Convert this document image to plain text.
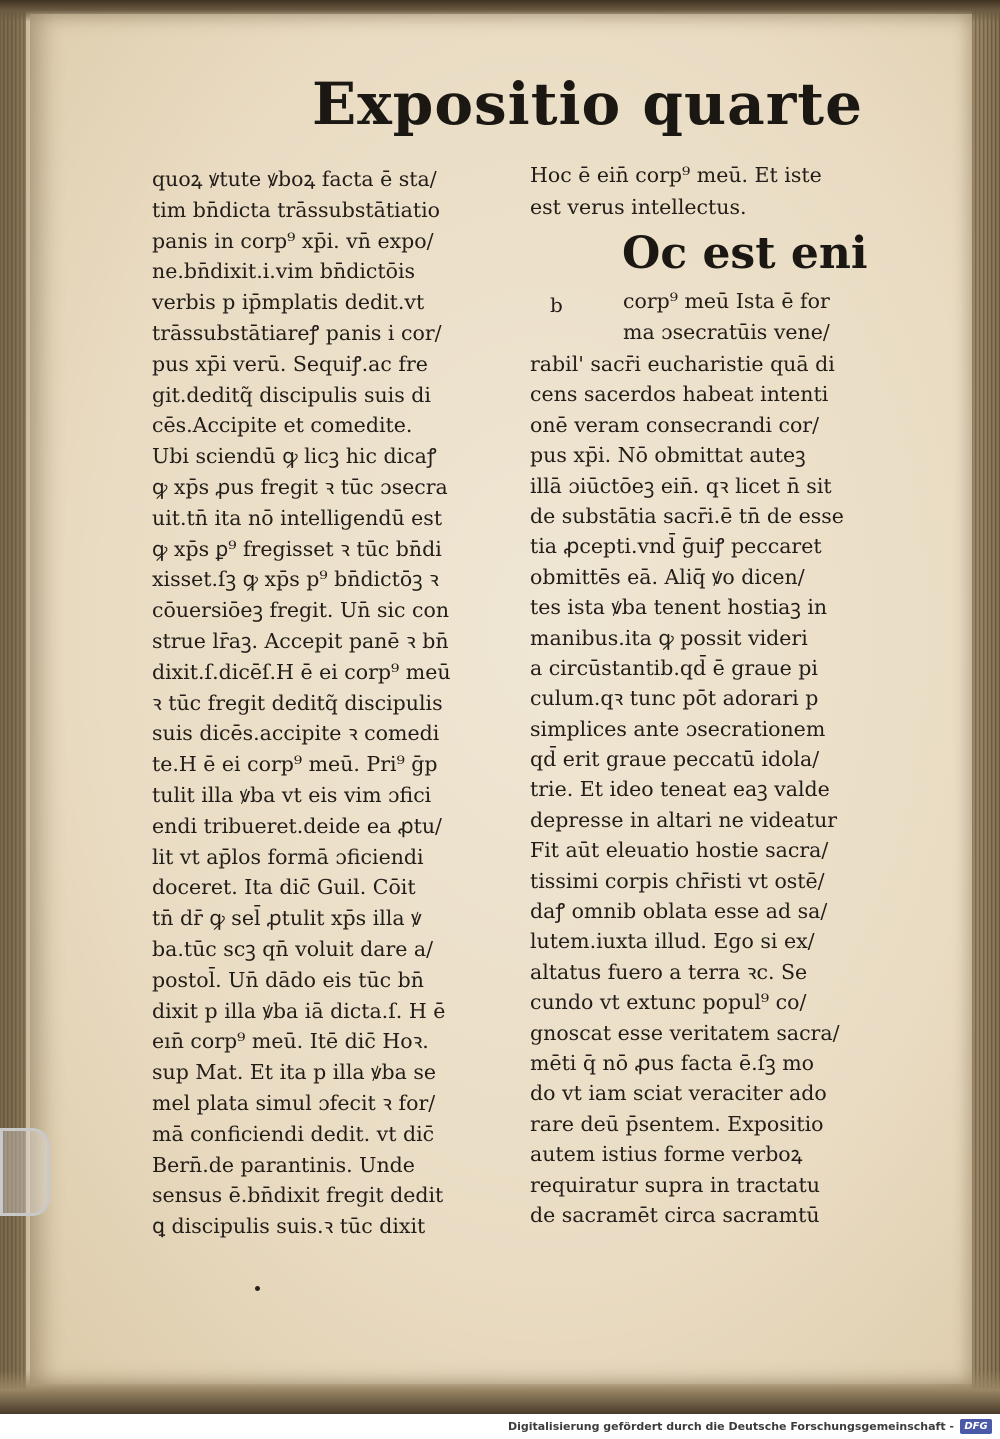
Expositio quarte
quoꝝ ꝟtute ꝟboꝝ facta ē sta/
tim bn̄dicta trāssubstātiatio
panis in corp⁹ xp̄i. vn̄ expo/
ne.bn̄dixit.i.vim bn̄dictōis
verbis p ip̄mplatis dedit.vt
trāssubstātiareꝭ panis i cor/
pus xp̄i verū. Sequiꝭ.ac fre
git.deditq̃ discipulis suis di
cēs.Accipite et comedite.
Ubi sciendū ꝙ licꝫ hic dicaꝭ
ꝙ xp̄s ꝓus fregit ꝛ tūc ɔsecra
uit.tn̄ ita nō intelligendū est
ꝙ xp̄s ꝑ⁹ fregisset ꝛ tūc bn̄di
xisset.ſꝫ ꝙ xp̄s p⁹ bn̄dictōꝫ ꝛ
cōuersiōeꝫ fregit. Un̄ sic con
strue lr̄aꝫ. Accepit panē ꝛ bn̄
dixit.ſ.dicēſ.H ē ei corp⁹ meū
ꝛ tūc fregit deditq̃ discipulis
suis dicēs.accipite ꝛ comedi
te.H ē ei corp⁹ meū. Pri⁹ ḡp
tulit illa ꝟba vt eis vim ɔfici
endi tribueret.deide ea ꝓtu/
lit vt ap̄los formā ɔficiendi
doceret. Ita dic̄ Guil. Cōit
tn̄ dr̄ ꝙ sel̄ ꝓtulit xp̄s illa ꝟ
ba.tūc scꝫ qn̄ voluit dare a/
postol̄. Un̄ dādo eis tūc bn̄
dixit p illa ꝟba iā dicta.ſ. H ē
eın̄ corp⁹ meū. Itē dic̄ Hoꝛ.
sup Mat. Et ita p illa ꝟba se
mel plata simul ɔfecit ꝛ for/
mā conficiendi dedit. vt dic̄
Bern̄.de parantinis. Unde
sensus ē.bn̄dixit fregit dedit
ꝗ discipulis suis.ꝛ tūc dixit
Hoc ē ein̄ corp⁹ meū. Et iste
est verus intellectus.
Oc est eni
b	corp⁹ meū Ista ē for
ma ɔsecratūis vene/
rabil' sacr̄i eucharistie quā di
cens sacerdos habeat intenti
onē veram consecrandi cor/
pus xp̄i. Nō obmittat auteꝫ
illā ɔiūctōeꝫ ein̄. qꝛ licet n̄ sit
de substātia sacr̄i.ē tn̄ de esse
tia ꝓcepti.vnd̄ ḡuiꝭ peccaret
obmittēs eā. Aliq̄ ꝟo dicen/
tes ista ꝟba tenent hostiaꝫ in
manibus.ita ꝙ possit videri
a circūstantib.qd̄ ē graue pi
culum.qꝛ tunc pōt adorari p
simplices ante ɔsecrationem
qd̄ erit graue peccatū idola/
trie. Et ideo teneat eaꝫ valde
depresse in altari ne videatur
Fit aūt eleuatio hostie sacra/
tissimi corpis chr̄isti vt ostē/
daꝭ omnib oblata esse ad sa/
lutem.iuxta illud. Ego si ex/
altatus fuero a terra ꝛc. Se
cundo vt extunc popul⁹ co/
gnoscat esse veritatem sacra/
mēti q̄ nō ꝓus facta ē.ſꝫ mo
do vt iam sciat veraciter ado
rare deū p̄sentem. Expositio
autem istius forme verboꝝ
requiratur supra in tractatu
de sacramēt circa sacramtū
Digitalisierung gefördert durch die Deutsche Forschungsgemeinschaft -	DFG
